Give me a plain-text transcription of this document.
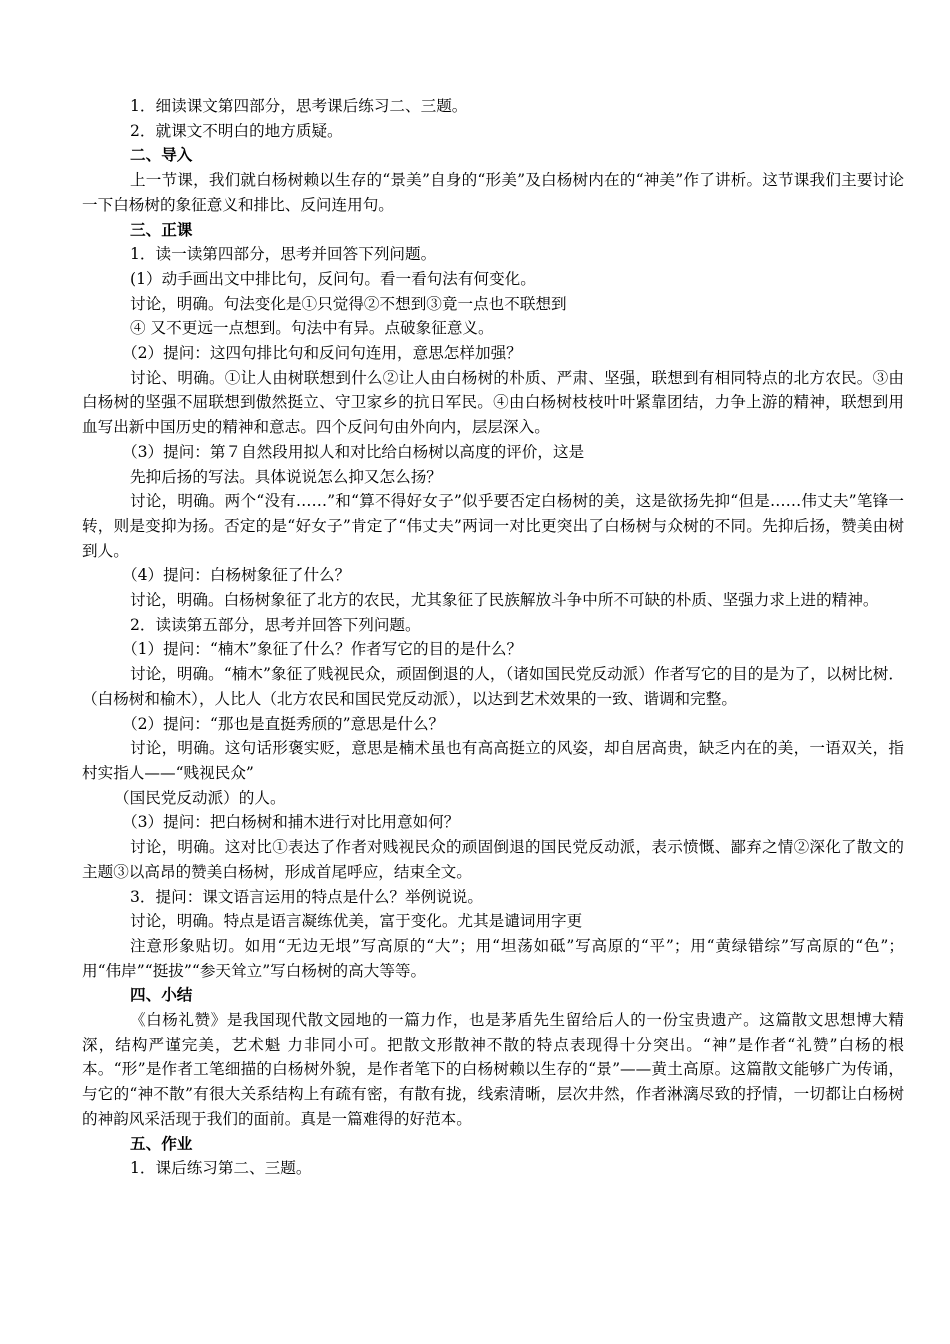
1．细读课文第四部分，思考课后练习二、三题。
2．就课文不明白的地方质疑。
二、导入
上一节课，我们就白杨树赖以生存的“景美”自身的“形美”及白杨树内在的“神美”作了讲析。这节课我们主要讨论一下白杨树的象征意义和排比、反问连用句。
三、正课
1．读一读第四部分，思考并回答下列问题。
(1）动手画出文中排比句，反问句。看一看句法有何变化。
讨论，明确。句法变化是①只觉得②不想到③竟一点也不联想到
④ 又不更远一点想到。句法中有异。点破象征意义。
（2）提问：这四句排比句和反问句连用，意思怎样加强？
讨论、明确。①让人由树联想到什么②让人由白杨树的朴质、严肃、坚强，联想到有相同特点的北方农民。③由白杨树的坚强不屈联想到傲然挺立、守卫家乡的抗日军民。④由白杨树枝枝叶叶紧靠团结，力争上游的精神，联想到用血写出新中国历史的精神和意志。四个反问句由外向内，层层深入。
（3）提问：第７自然段用拟人和对比给白杨树以高度的评价，这是
先抑后扬的写法。具体说说怎么抑又怎么扬？
讨论，明确。两个“没有……”和“算不得好女子”似乎要否定白杨树的美，这是欲扬先抑“但是……伟丈夫”笔锋一转，则是变抑为扬。否定的是“好女子”肯定了“伟丈夫”两词一对比更突出了白杨树与众树的不同。先抑后扬，赞美由树到人。
（4）提问：白杨树象征了什么？
讨论，明确。白杨树象征了北方的农民，尤其象征了民族解放斗争中所不可缺的朴质、坚强力求上进的精神。
2．读读第五部分，思考并回答下列问题。
（1）提问：“楠木”象征了什么？作者写它的目的是什么？
讨论，明确。“楠木”象征了贱视民众，顽固倒退的人，（诸如国民党反动派）作者写它的目的是为了，以树比树．（白杨树和榆木），人比人（北方农民和国民党反动派），以达到艺术效果的一致、谐调和完整。
（2）提问：“那也是直挺秀颀的”意思是什么？
讨论，明确。这句话形褒实贬，意思是楠术虽也有高高挺立的风姿，却自居高贵，缺乏内在的美，一语双关，指村实指人——“贱视民众”
（国民党反动派）的人。
（3）提问：把白杨树和捕木进行对比用意如何？
讨论，明确。这对比①表达了作者对贱视民众的顽固倒退的国民党反动派，表示愤慨、鄙弃之情②深化了散文的主题③以高昂的赞美白杨树，形成首尾呼应，结束全文。
3．提问：课文语言运用的特点是什么？举例说说。
讨论，明确。特点是语言凝练优美，富于变化。尤其是谴词用字更
注意形象贴切。如用“无边无垠”写高原的“大”；用“坦荡如砥”写高原的“平”；用“黄绿错综”写高原的“色”；用“伟岸”“挺拔”“参天耸立”写白杨树的高大等等。
四、小结
《白杨礼赞》是我国现代散文园地的一篇力作，也是茅盾先生留给后人的一份宝贵遗产。这篇散文思想博大精深，结构严谨完美，艺术魁 力非同小可。把散文形散神不散的特点表现得十分突出。“神”是作者“礼赞”白杨的根本。“形”是作者工笔细描的白杨树外貌，是作者笔下的白杨树赖以生存的“景”——黄土高原。这篇散文能够广为传诵，与它的“神不散”有很大关系结构上有疏有密，有散有拢，线索清晰，层次井然，作者淋漓尽致的抒情，一切都让白杨树的神韵风采活现于我们的面前。真是一篇难得的好范本。
五、作业
1．课后练习第二、三题。
